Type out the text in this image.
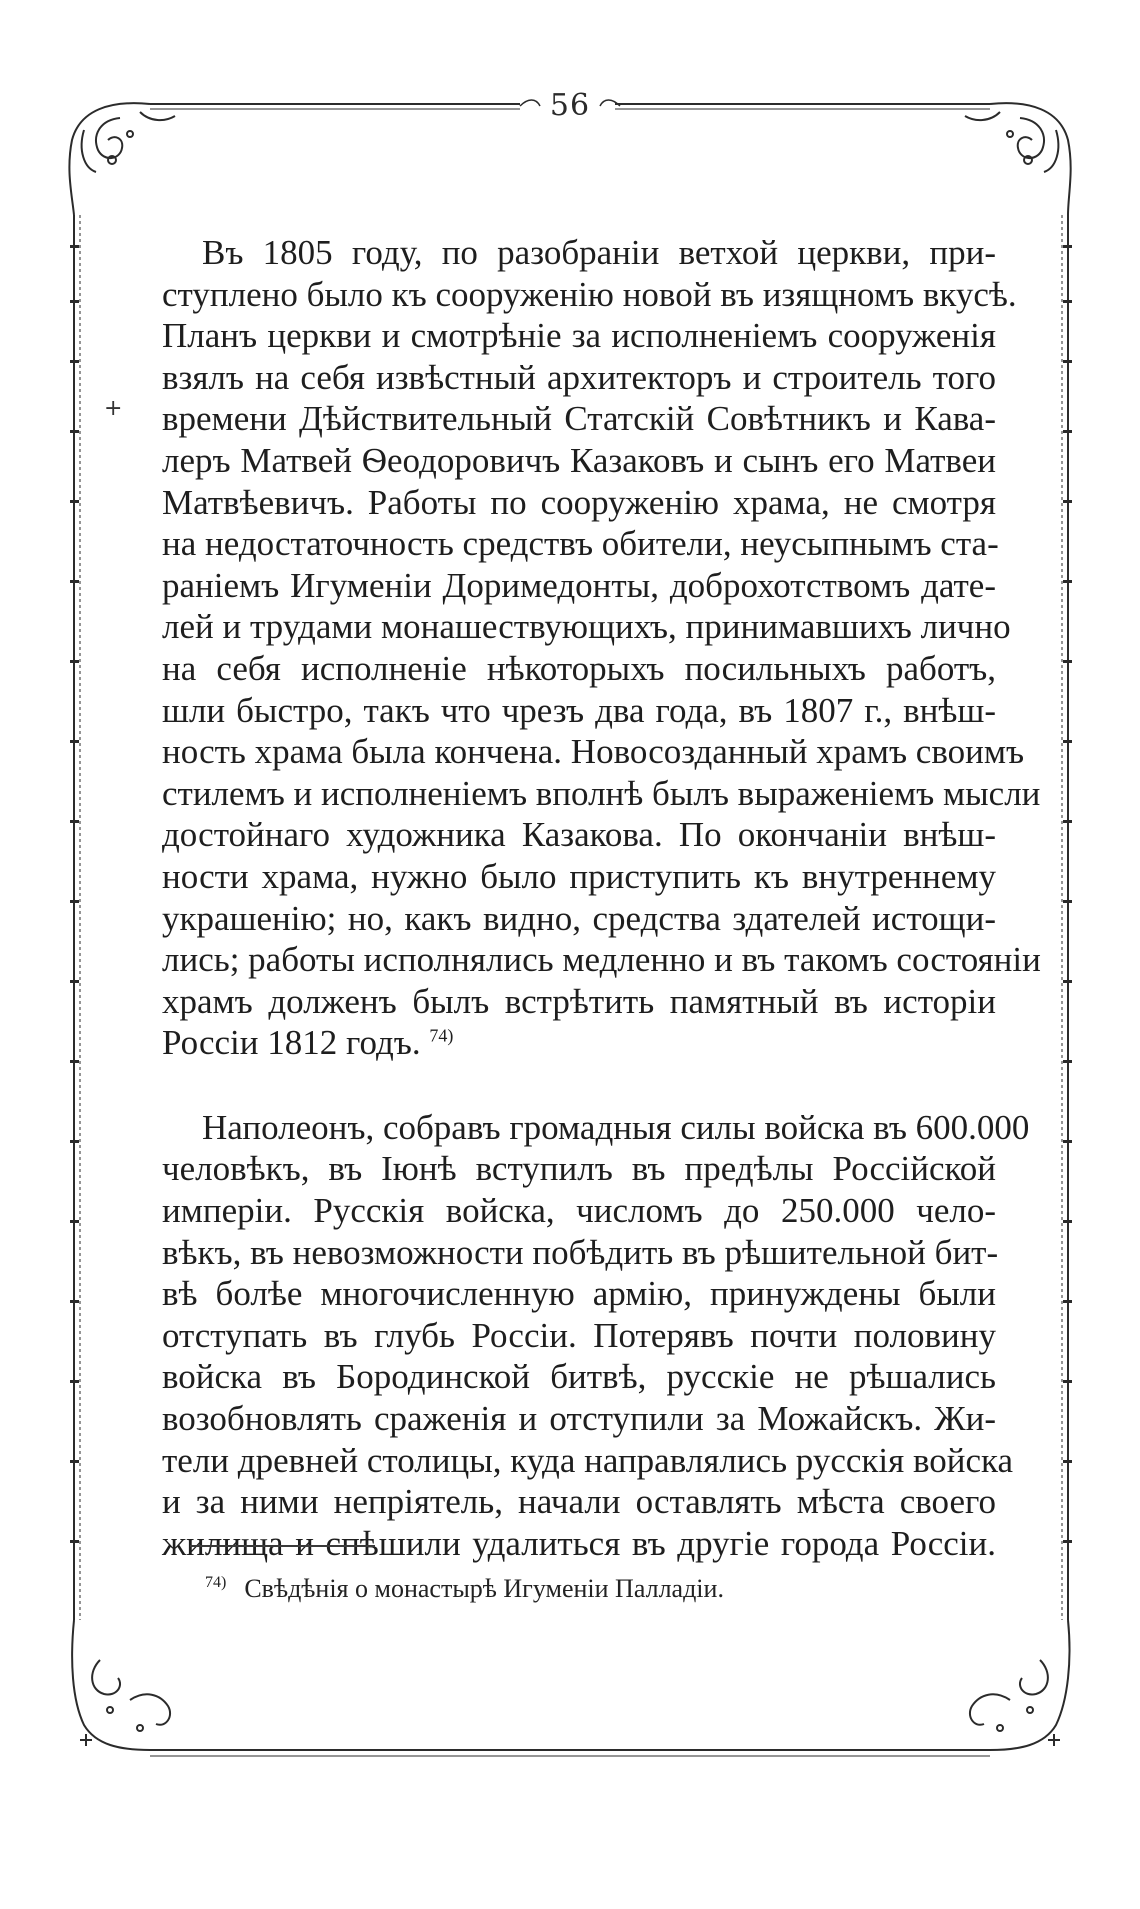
56
+
Въ 1805 году, по разобраніи ветхой церкви, при-
ступлено было къ сооруженію новой въ изящномъ вкусѣ.
Планъ церкви и смотрѣніе за исполненіемъ сооруженія
взялъ на себя извѣстный архитекторъ и строитель того
времени Дѣйствительный Статскій Совѣтникъ и Кава-
леръ Матвей Ѳеодоровичъ Казаковъ и сынъ его Матвеи
Матвѣевичъ. Работы по сооруженію храма, не смотря
на недостаточность средствъ обители, неусыпнымъ ста-
раніемъ Игуменіи Доримедонты, доброхотствомъ дате-
лей и трудами монашествующихъ, принимавшихъ лично
на себя исполненіе нѣкоторыхъ посильныхъ работъ,
шли быстро, такъ что чрезъ два года, въ 1807 г., внѣш-
ность храма была кончена. Новосозданный храмъ своимъ
стилемъ и исполненіемъ вполнѣ былъ выраженіемъ мысли
достойнаго художника Казакова. По окончаніи внѣш-
ности храма, нужно было приступить къ внутреннему
украшенію; но, какъ видно, средства здателей истощи-
лись; работы исполнялись медленно и въ такомъ состояніи
храмъ долженъ былъ встрѣтить памятный въ исторіи
Россіи 1812 годъ. $^{74)}$
Наполеонъ, собравъ громадныя силы войска въ 600.000
человѣкъ, въ Іюнѣ вступилъ въ предѣлы Россійской
имперіи. Русскія войска, числомъ до 250.000 чело-
вѣкъ, въ невозможности побѣдить въ рѣшительной бит-
вѣ болѣе многочисленную армію, принуждены были
отступать въ глубь Россіи. Потерявъ почти половину
войска въ Бородинской битвѣ, русскіе не рѣшались
возобновлять сраженія и отступили за Можайскъ. Жи-
тели древней столицы, куда направлялись русскія войска
и за ними непріятель, начали оставлять мѣста своего
жилища и спѣшили удалиться въ другіе города Россіи.
$^{74)}$ Свѣдѣнія о монастырѣ Игуменіи Палладіи.
